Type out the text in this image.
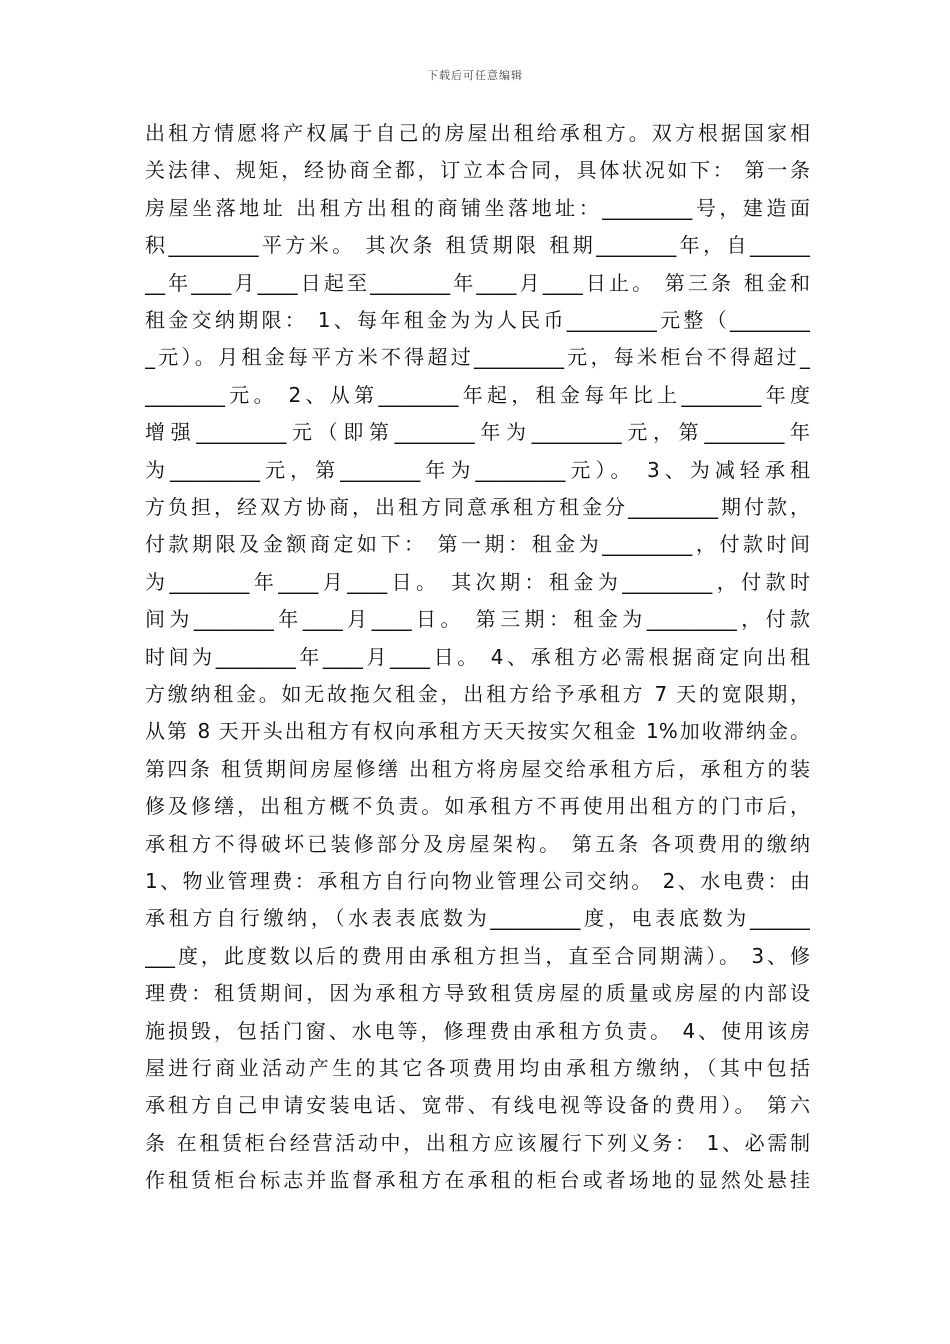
下载后可任意编辑
出租方情愿将产权属于自己的房屋出租给承租方。双方根据国家相
关法律、规矩，经协商全都，订立本合同，具体状况如下： 第一条
房屋坐落地址 出租方出租的商铺坐落地址：_________号，建造面
积_________平方米。 其次条 租赁期限 租期________年，自______
__年____月____日起至________年____月____日止。 第三条 租金和
租金交纳期限： 1、每年租金为为人民币_________元整（________
_元）。月租金每平方米不得超过_________元，每米柜台不得超过_
________元。 2、从第________年起，租金每年比上________年度
增强_________元（即第________年为_________元，第________年
为_________元，第________年为_________元）。 3、为减轻承租
方负担，经双方协商，出租方同意承租方租金分_________期付款，
付款期限及金额商定如下： 第一期：租金为_________，付款时间
为________年____月____日。 其次期：租金为_________，付款时
间为________年____月____日。 第三期：租金为_________，付款
时间为________年____月____日。 4、承租方必需根据商定向出租
方缴纳租金。如无故拖欠租金，出租方给予承租方 7 天的宽限期，
从第 8 天开头出租方有权向承租方天天按实欠租金 1%加收滞纳金。
第四条 租赁期间房屋修缮 出租方将房屋交给承租方后，承租方的装
修及修缮，出租方概不负责。如承租方不再使用出租方的门市后，
承租方不得破坏已装修部分及房屋架构。 第五条 各项费用的缴纳
1、物业管理费：承租方自行向物业管理公司交纳。 2、水电费：由
承租方自行缴纳，（水表表底数为_________度，电表底数为______
___度，此度数以后的费用由承租方担当，直至合同期满）。 3、修
理费：租赁期间，因为承租方导致租赁房屋的质量或房屋的内部设
施损毁，包括门窗、水电等，修理费由承租方负责。 4、使用该房
屋进行商业活动产生的其它各项费用均由承租方缴纳，（其中包括
承租方自己申请安装电话、宽带、有线电视等设备的费用）。 第六
条 在租赁柜台经营活动中，出租方应该履行下列义务： 1、必需制
作租赁柜台标志并监督承租方在承租的柜台或者场地的显然处悬挂
